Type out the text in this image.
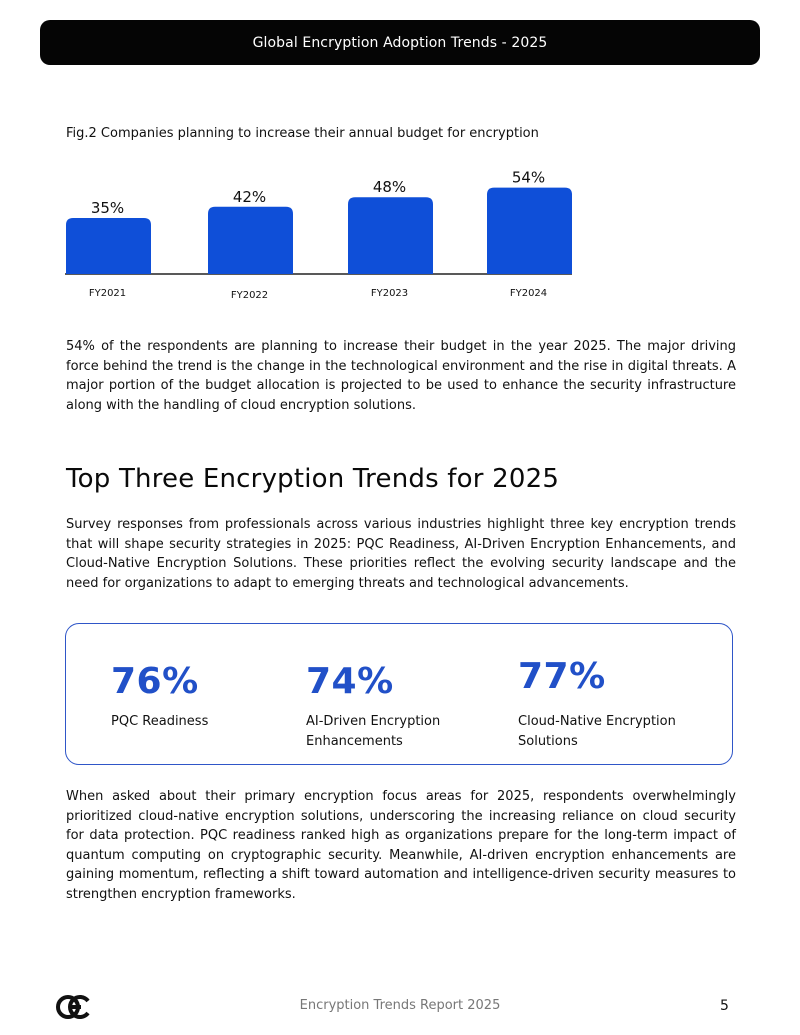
Global Encryption Adoption Trends - 2025
Fig.2 Companies planning to increase their annual budget for encryption
35%
FY2021
42%
FY2022
48%
FY2023
54%
FY2024

54% of the respondents are planning to increase their budget in the year 2025. The major driving force behind the trend is the change in the technological environment and the rise in digital threats. A major portion of the budget allocation is projected to be used to enhance the security infrastructure along with the handling of cloud encryption solutions.

Top Three Encryption Trends for 2025

Survey responses from professionals across various industries highlight three key encryption trends that will shape security strategies in 2025: PQC Readiness, AI-Driven Encryption Enhancements, and Cloud-Native Encryption Solutions. These priorities reflect the evolving security landscape and the need for organizations to adapt to emerging threats and technological advancements.

76%
PQC Readiness
74%
AI-Driven Encryption Enhancements
77%
Cloud-Native Encryption Solutions

When asked about their primary encryption focus areas for 2025, respondents overwhelmingly prioritized cloud-native encryption solutions, underscoring the increasing reliance on cloud security for data protection. PQC readiness ranked high as organizations prepare for the long-term impact of quantum computing on cryptographic security. Meanwhile, AI-driven encryption enhancements are gaining momentum, reflecting a shift toward automation and intelligence-driven security measures to strengthen encryption frameworks.

Encryption Trends Report 2025	5
